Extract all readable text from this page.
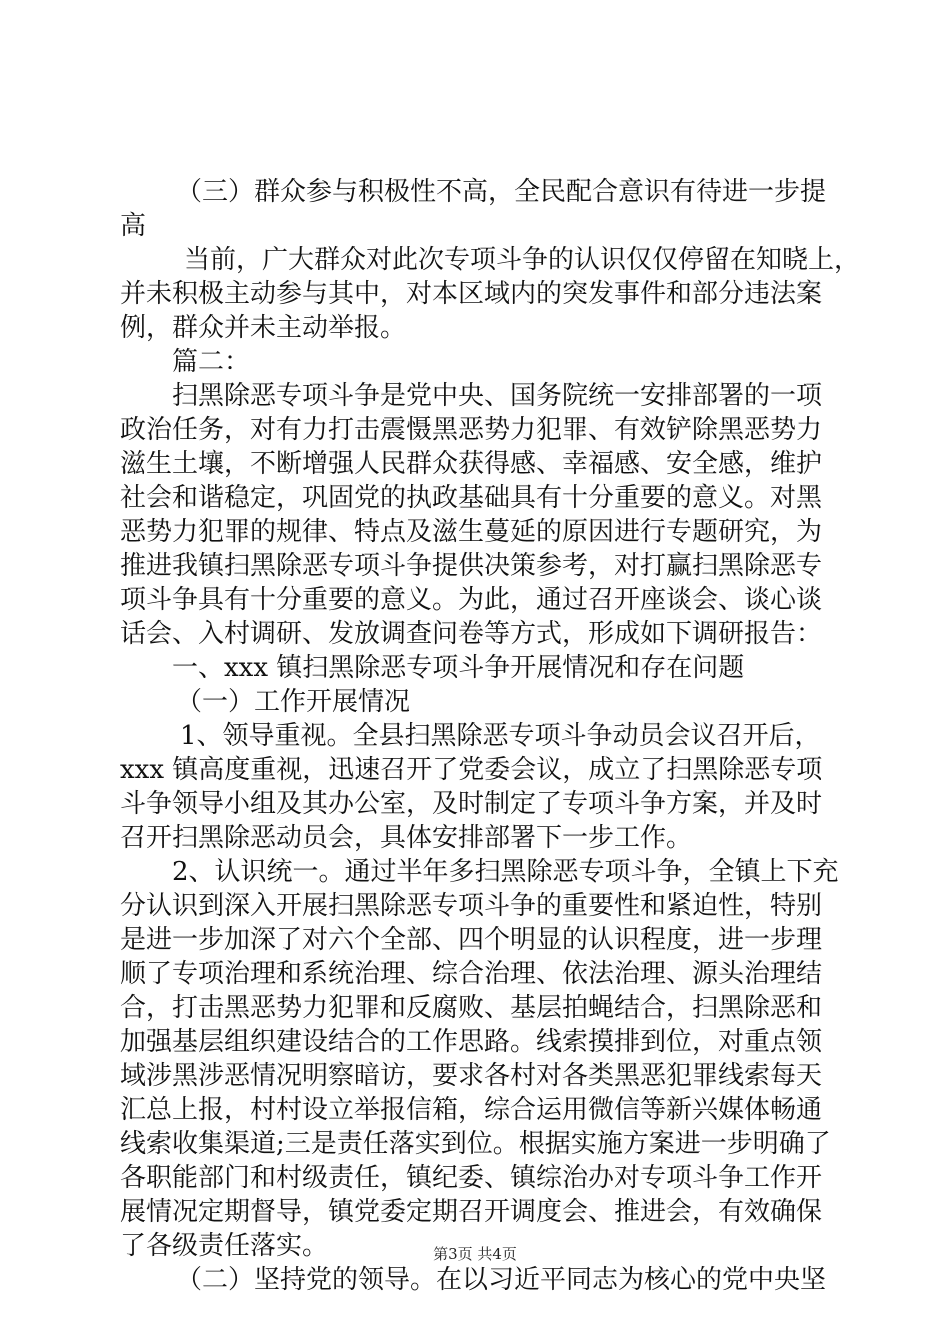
（三）群众参与积极性不高，全民配合意识有待进一步提
高
当前，广大群众对此次专项斗争的认识仅仅停留在知晓上，
并未积极主动参与其中，对本区域内的突发事件和部分违法案
例，群众并未主动举报。
篇二：
扫黑除恶专项斗争是党中央、国务院统一安排部署的一项
政治任务，对有力打击震慑黑恶势力犯罪、有效铲除黑恶势力
滋生土壤，不断增强人民群众获得感、幸福感、安全感，维护
社会和谐稳定，巩固党的执政基础具有十分重要的意义。对黑
恶势力犯罪的规律、特点及滋生蔓延的原因进行专题研究，为
推进我镇扫黑除恶专项斗争提供决策参考，对打赢扫黑除恶专
项斗争具有十分重要的意义。为此，通过召开座谈会、谈心谈
话会、入村调研、发放调查问卷等方式，形成如下调研报告：
一、xxx 镇扫黑除恶专项斗争开展情况和存在问题
（一）工作开展情况
1、领导重视。全县扫黑除恶专项斗争动员会议召开后，
xxx 镇高度重视，迅速召开了党委会议，成立了扫黑除恶专项
斗争领导小组及其办公室，及时制定了专项斗争方案，并及时
召开扫黑除恶动员会，具体安排部署下一步工作。
2、认识统一。通过半年多扫黑除恶专项斗争，全镇上下充
分认识到深入开展扫黑除恶专项斗争的重要性和紧迫性，特别
是进一步加深了对六个全部、四个明显的认识程度，进一步理
顺了专项治理和系统治理、综合治理、依法治理、源头治理结
合，打击黑恶势力犯罪和反腐败、基层拍蝇结合，扫黑除恶和
加强基层组织建设结合的工作思路。线索摸排到位，对重点领
域涉黑涉恶情况明察暗访，要求各村对各类黑恶犯罪线索每天
汇总上报，村村设立举报信箱，综合运用微信等新兴媒体畅通
线索收集渠道;三是责任落实到位。根据实施方案进一步明确了
各职能部门和村级责任，镇纪委、镇综治办对专项斗争工作开
展情况定期督导，镇党委定期召开调度会、推进会，有效确保
了各级责任落实。
（二）坚持党的领导。在以习近平同志为核心的党中央坚
第3页 共4页
